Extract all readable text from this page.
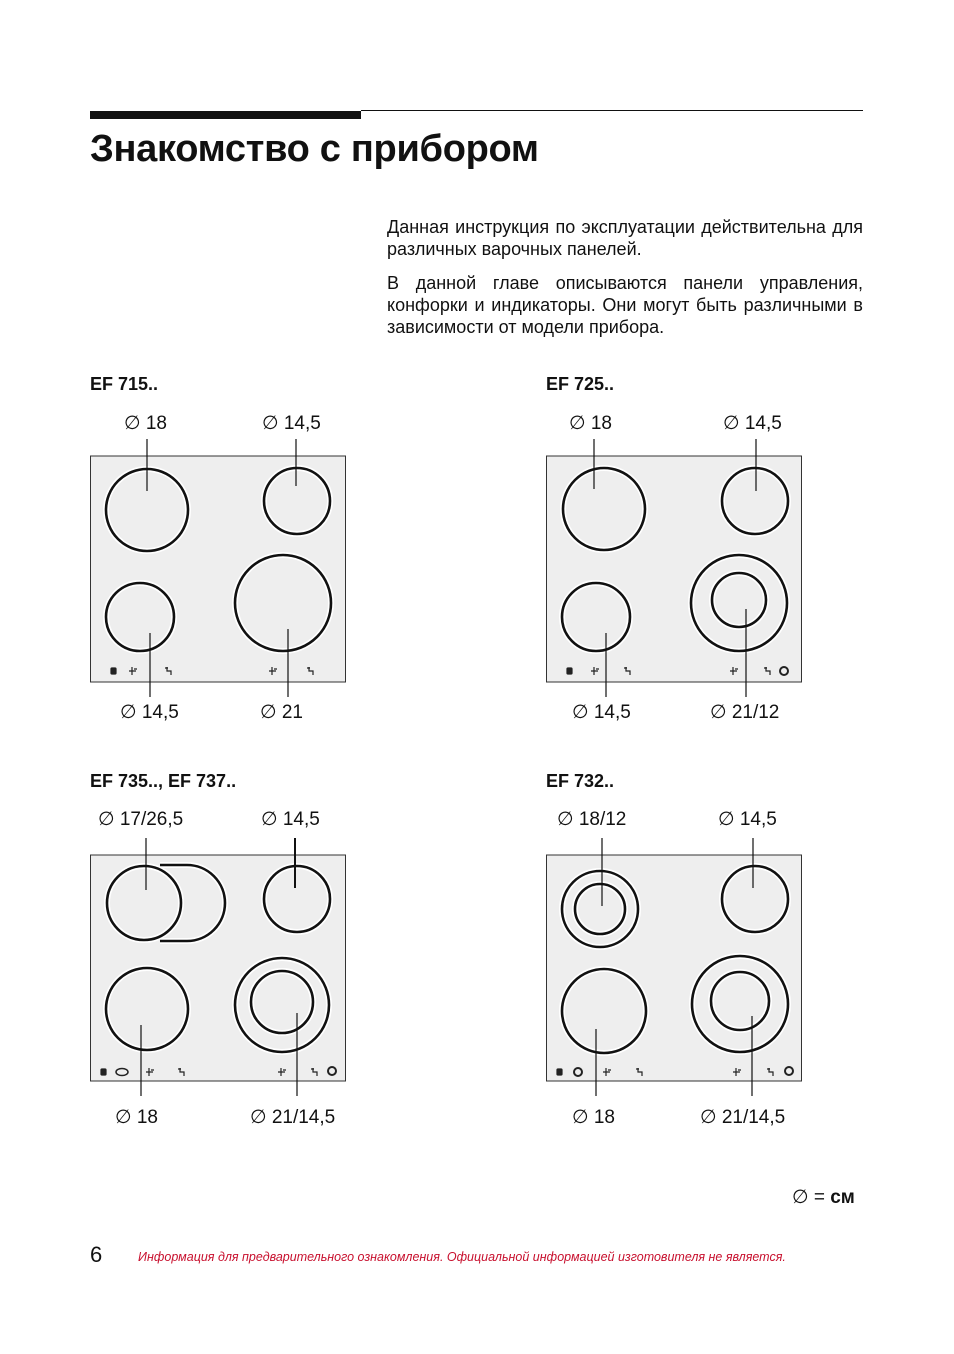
Знакомство с прибором

Данная инструкция по эксплуатации действительна для различных варочных панелей.

В данной главе описываются панели управления, конфорки и индикаторы. Они могут быть различными в зависимости от модели прибора.

EF 715..
∅ 18	∅ 14,5
∅ 14,5	∅ 21
EF 725..
∅ 18	∅ 14,5
∅ 14,5	∅ 21/12
EF 735.., EF 737..
∅ 17/26,5	∅ 14,5
∅ 18	∅ 21/14,5
EF 732..
∅ 18/12	∅ 14,5
∅ 18	∅ 21/14,5
∅ = см
6	Информация для предварительного ознакомления. Официальной информацией изготовителя не является.
